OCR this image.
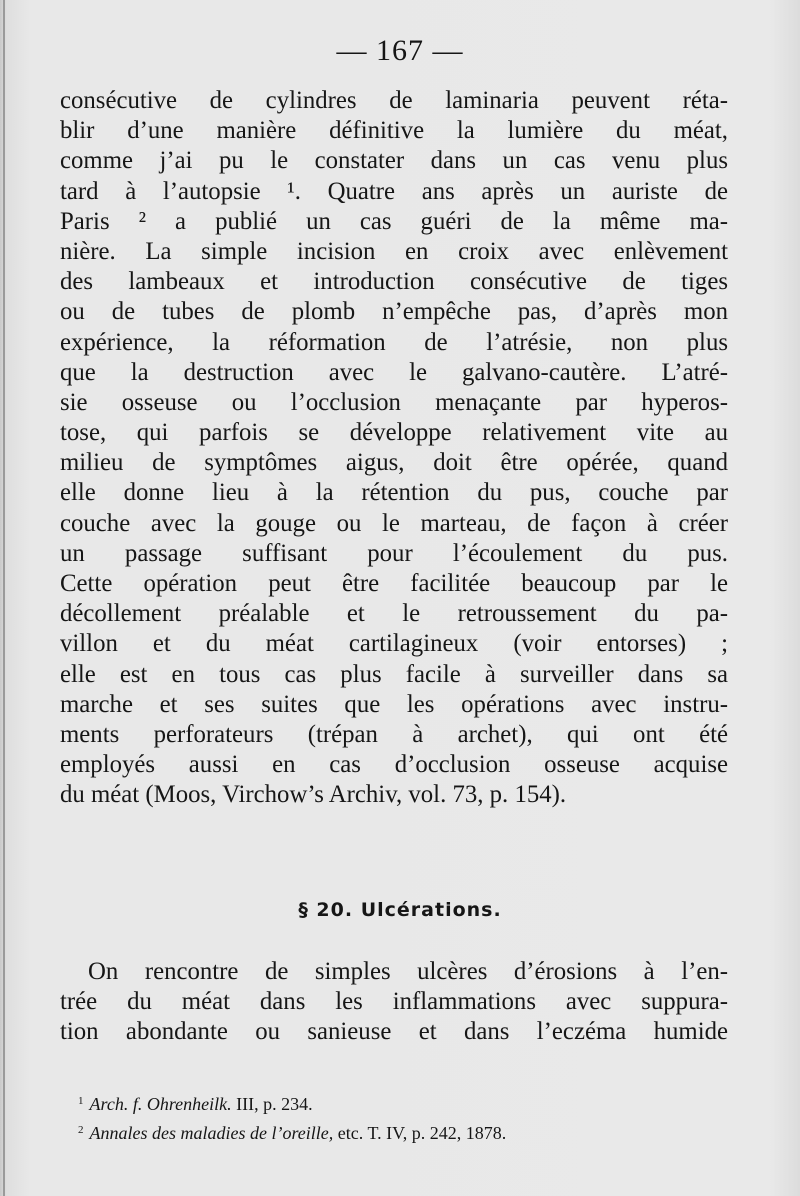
— 167 —
consécutive de cylindres de laminaria peuvent réta-
blir d’une manière définitive la lumière du méat,
comme j’ai pu le constater dans un cas venu plus
tard à l’autopsie ¹. Quatre ans après un auriste de
Paris ² a publié un cas guéri de la même ma-
nière. La simple incision en croix avec enlèvement
des lambeaux et introduction consécutive de tiges
ou de tubes de plomb n’empêche pas, d’après mon
expérience, la réformation de l’atrésie, non plus
que la destruction avec le galvano-cautère. L’atré-
sie osseuse ou l’occlusion menaçante par hyperos-
tose, qui parfois se développe relativement vite au
milieu de symptômes aigus, doit être opérée, quand
elle donne lieu à la rétention du pus, couche par
couche avec la gouge ou le marteau, de façon à créer
un passage suffisant pour l’écoulement du pus.
Cette opération peut être facilitée beaucoup par le
décollement préalable et le retroussement du pa-
villon et du méat cartilagineux (voir entorses) ;
elle est en tous cas plus facile à surveiller dans sa
marche et ses suites que les opérations avec instru-
ments perforateurs (trépan à archet), qui ont été
employés aussi en cas d’occlusion osseuse acquise
du méat (Moos, Virchow’s Archiv, vol. 73, p. 154).
§ 20. Ulcérations.
On rencontre de simples ulcères d’érosions à l’en-
trée du méat dans les inflammations avec suppura-
tion abondante ou sanieuse et dans l’eczéma humide
$^1$ Arch. f. Ohrenheilk. III, p. 234.
$^2$ Annales des maladies de l’oreille, etc. T. IV, p. 242, 1878.
